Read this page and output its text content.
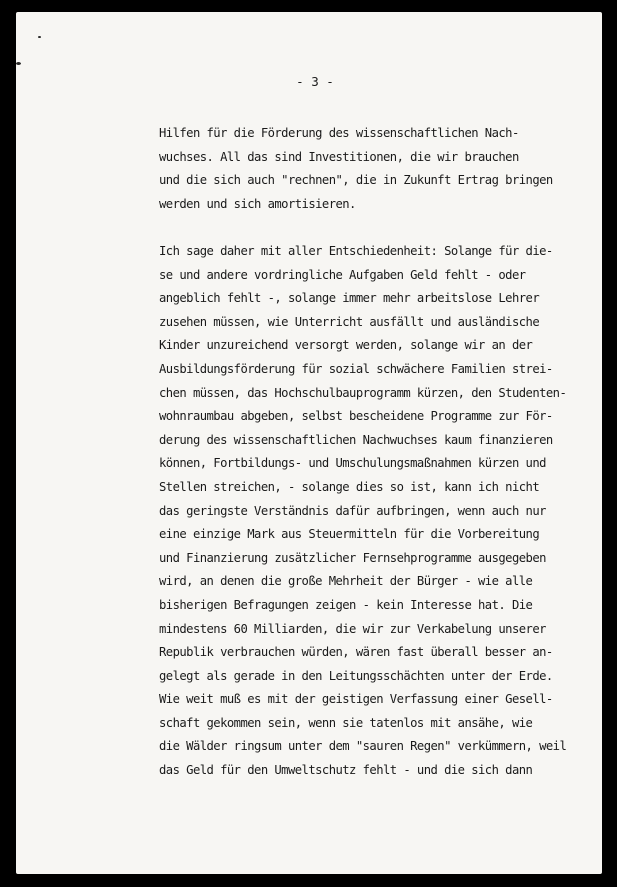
- 3 -
Hilfen für die Förderung des wissenschaftlichen Nach-
wuchses. All das sind Investitionen, die wir brauchen
und die sich auch "rechnen", die in Zukunft Ertrag bringen
werden und sich amortisieren.
Ich sage daher mit aller Entschiedenheit: Solange für die-
se und andere vordringliche Aufgaben Geld fehlt - oder
angeblich fehlt -, solange immer mehr arbeitslose Lehrer
zusehen müssen, wie Unterricht ausfällt und ausländische
Kinder unzureichend versorgt werden, solange wir an der
Ausbildungsförderung für sozial schwächere Familien strei-
chen müssen, das Hochschulbauprogramm kürzen, den Studenten-
wohnraumbau abgeben, selbst bescheidene Programme zur För-
derung des wissenschaftlichen Nachwuchses kaum finanzieren
können, Fortbildungs- und Umschulungsmaßnahmen kürzen und
Stellen streichen, - solange dies so ist, kann ich nicht
das geringste Verständnis dafür aufbringen, wenn auch nur
eine einzige Mark aus Steuermitteln für die Vorbereitung
und Finanzierung zusätzlicher Fernsehprogramme ausgegeben
wird, an denen die große Mehrheit der Bürger - wie alle
bisherigen Befragungen zeigen - kein Interesse hat. Die
mindestens 60 Milliarden, die wir zur Verkabelung unserer
Republik verbrauchen würden, wären fast überall besser an-
gelegt als gerade in den Leitungsschächten unter der Erde.
Wie weit muß es mit der geistigen Verfassung einer Gesell-
schaft gekommen sein, wenn sie tatenlos mit ansähe, wie
die Wälder ringsum unter dem "sauren Regen" verkümmern, weil
das Geld für den Umweltschutz fehlt - und die sich dann
